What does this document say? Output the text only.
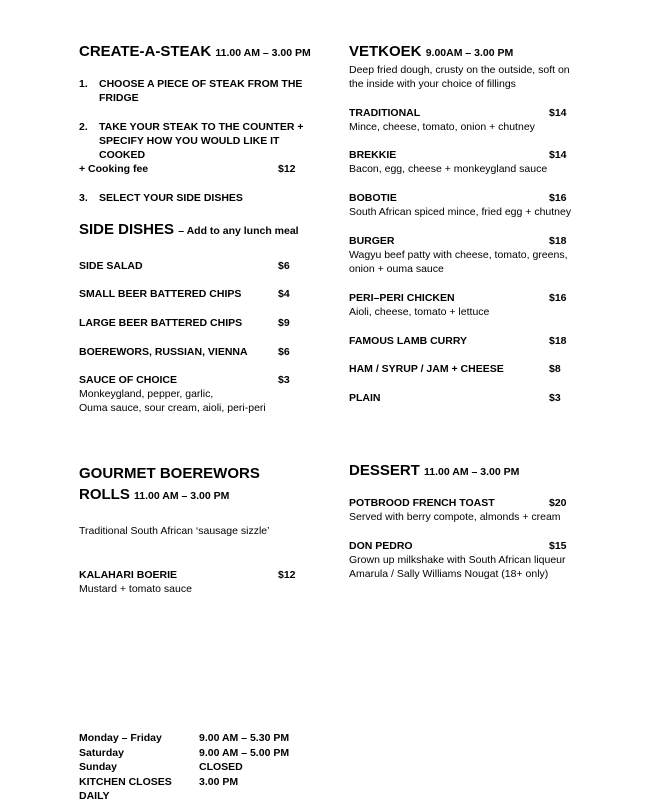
CREATE-A-STEAK 11.00 AM – 3.00 PM
1.	CHOOSE A PIECE OF STEAK FROM THE FRIDGE
2.	TAKE YOUR STEAK TO THE COUNTER + SPECIFY HOW YOU WOULD LIKE IT COOKED
+ Cooking fee	$12
3.	SELECT YOUR SIDE DISHES
SIDE DISHES – Add to any lunch meal
SIDE SALAD	$6
SMALL BEER BATTERED CHIPS	$4
LARGE BEER BATTERED CHIPS	$9
BOEREWORS, RUSSIAN, VIENNA	$6
SAUCE OF CHOICE	$3
Monkeygland, pepper, garlic,
Ouma sauce, sour cream, aioli, peri-peri
GOURMET BOEREWORS
ROLLS 11.00 AM – 3.00 PM
Traditional South African ‘sausage sizzle’
KALAHARI BOERIE	$12
Mustard + tomato sauce
Monday – Friday	9.00 AM – 5.30 PM
Saturday	9.00 AM – 5.00 PM
Sunday	CLOSED
KITCHEN CLOSES DAILY
3.00 PM
VETKOEK 9.00AM – 3.00 PM
Deep fried dough, crusty on the outside, soft on
the inside with your choice of fillings
TRADITIONAL	$14
Mince, cheese, tomato, onion + chutney
BREKKIE	$14
Bacon, egg, cheese + monkeygland sauce
BOBOTIE	$16
South African spiced mince, fried egg + chutney
BURGER	$18
Wagyu beef patty with cheese, tomato, greens,
onion + ouma sauce
PERI–PERI CHICKEN	$16
Aioli, cheese, tomato + lettuce
FAMOUS LAMB CURRY	$18
HAM / SYRUP / JAM + CHEESE	$8
PLAIN	$3
DESSERT 11.00 AM – 3.00 PM
POTBROOD FRENCH TOAST	$20
Served with berry compote, almonds + cream
DON PEDRO	$15
Grown up milkshake with South African liqueur
Amarula / Sally Williams Nougat (18+ only)
